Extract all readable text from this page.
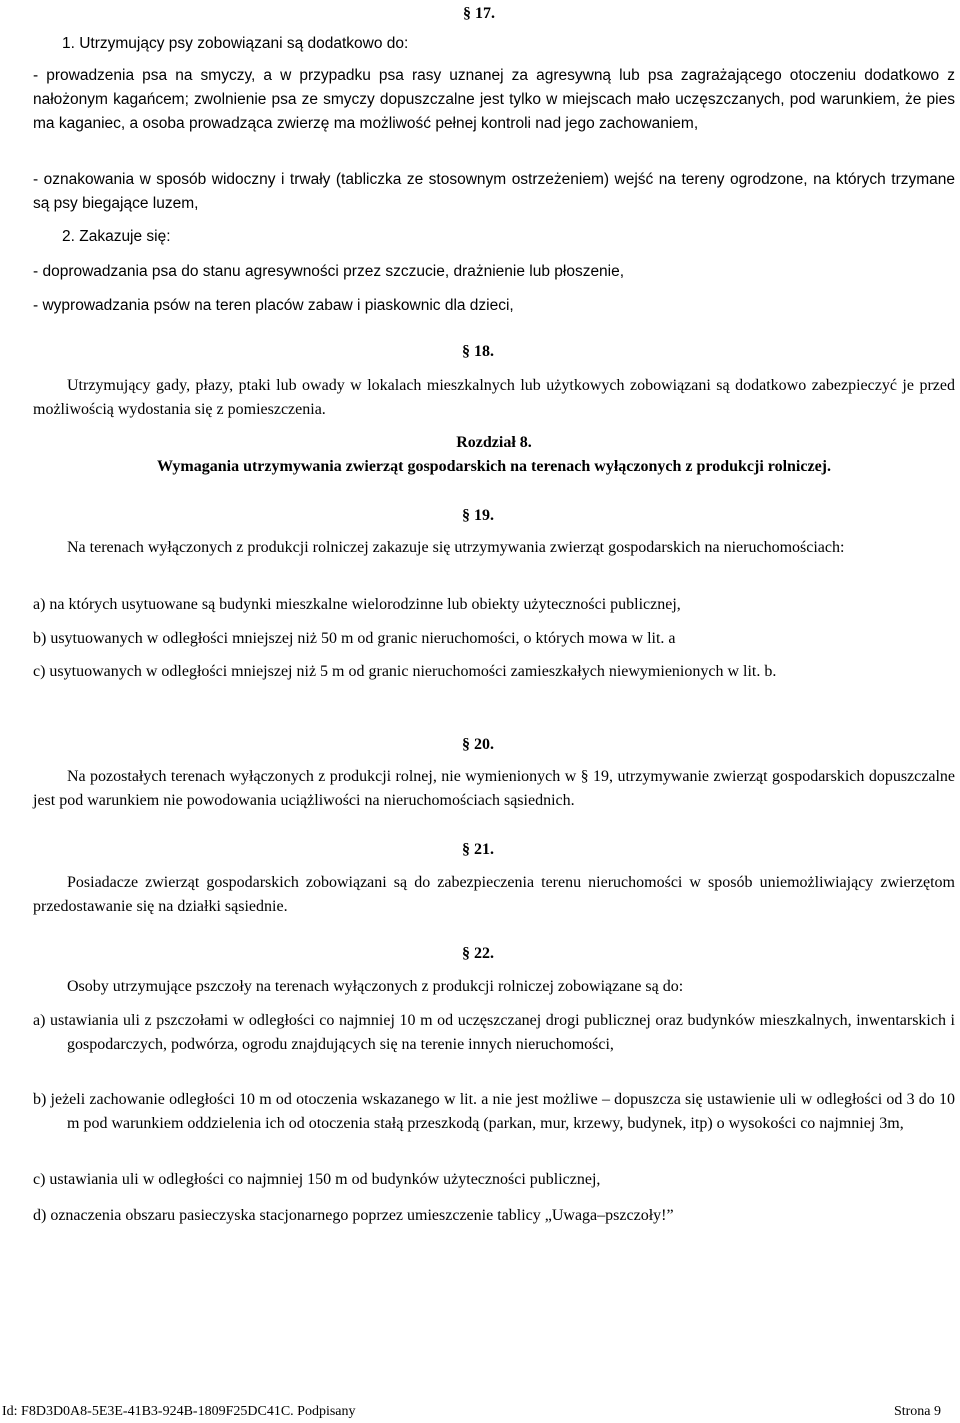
1. Utrzymujący psy zobowiązani są dodatkowo do:
§ 17.
- prowadzenia psa na smyczy, a w przypadku psa rasy uznanej za agresywną lub psa zagrażającego otoczeniu dodatkowo z nałożonym kagańcem; zwolnienie psa ze smyczy dopuszczalne jest tylko w miejscach mało uczęszczanych, pod warunkiem, że pies ma kaganiec, a osoba prowadząca zwierzę ma możliwość pełnej kontroli nad jego zachowaniem,
- oznakowania w sposób widoczny i trwały (tabliczka ze stosownym ostrzeżeniem) wejść na tereny ogrodzone, na których trzymane są psy biegające luzem,
2. Zakazuje się:
- doprowadzania psa do stanu agresywności przez szczucie, drażnienie lub płoszenie,
- wyprowadzania psów na teren placów zabaw i piaskownic dla dzieci,
§ 18.
Utrzymujący gady, płazy, ptaki lub owady w lokalach mieszkalnych lub użytkowych zobowiązani są dodatkowo zabezpieczyć je przed możliwością wydostania się z pomieszczenia.
Rozdział 8.
Wymagania utrzymywania zwierząt gospodarskich na terenach wyłączonych z produkcji rolniczej.
§ 19.
Na terenach wyłączonych z produkcji rolniczej zakazuje się utrzymywania zwierząt gospodarskich na nieruchomościach:
a) na których usytuowane są budynki mieszkalne wielorodzinne lub obiekty użyteczności publicznej,
b) usytuowanych w odległości mniejszej niż 50 m od granic nieruchomości, o których mowa w lit. a
c) usytuowanych w odległości mniejszej niż 5 m od granic nieruchomości zamieszkałych niewymienionych w lit. b.
§ 20.
Na pozostałych terenach wyłączonych z produkcji rolnej, nie wymienionych w § 19, utrzymywanie zwierząt gospodarskich dopuszczalne jest pod warunkiem nie powodowania uciążliwości na nieruchomościach sąsiednich.
§ 21.
Posiadacze zwierząt gospodarskich zobowiązani są do zabezpieczenia terenu nieruchomości w sposób uniemożliwiający zwierzętom przedostawanie się na działki sąsiednie.
§ 22.
Osoby utrzymujące pszczoły na terenach wyłączonych z produkcji rolniczej zobowiązane są do:
a) ustawiania uli z pszczołami w odległości co najmniej 10 m od uczęszczanej drogi publicznej oraz budynków mieszkalnych, inwentarskich i gospodarczych, podwórza, ogrodu znajdujących się na terenie innych nieruchomości,
b) jeżeli zachowanie odległości 10 m od otoczenia wskazanego w lit. a nie jest możliwe – dopuszcza się ustawienie uli w odległości od 3 do 10 m pod warunkiem oddzielenia ich od otoczenia stałą przeszkodą (parkan, mur, krzewy, budynek, itp) o wysokości co najmniej 3m,
c) ustawiania uli w odległości co najmniej 150 m od budynków użyteczności publicznej,
d) oznaczenia obszaru pasieczyska stacjonarnego poprzez umieszczenie tablicy „Uwaga–pszczoły!”
Id: F8D3D0A8-5E3E-41B3-924B-1809F25DC41C. Podpisany	Strona 9
